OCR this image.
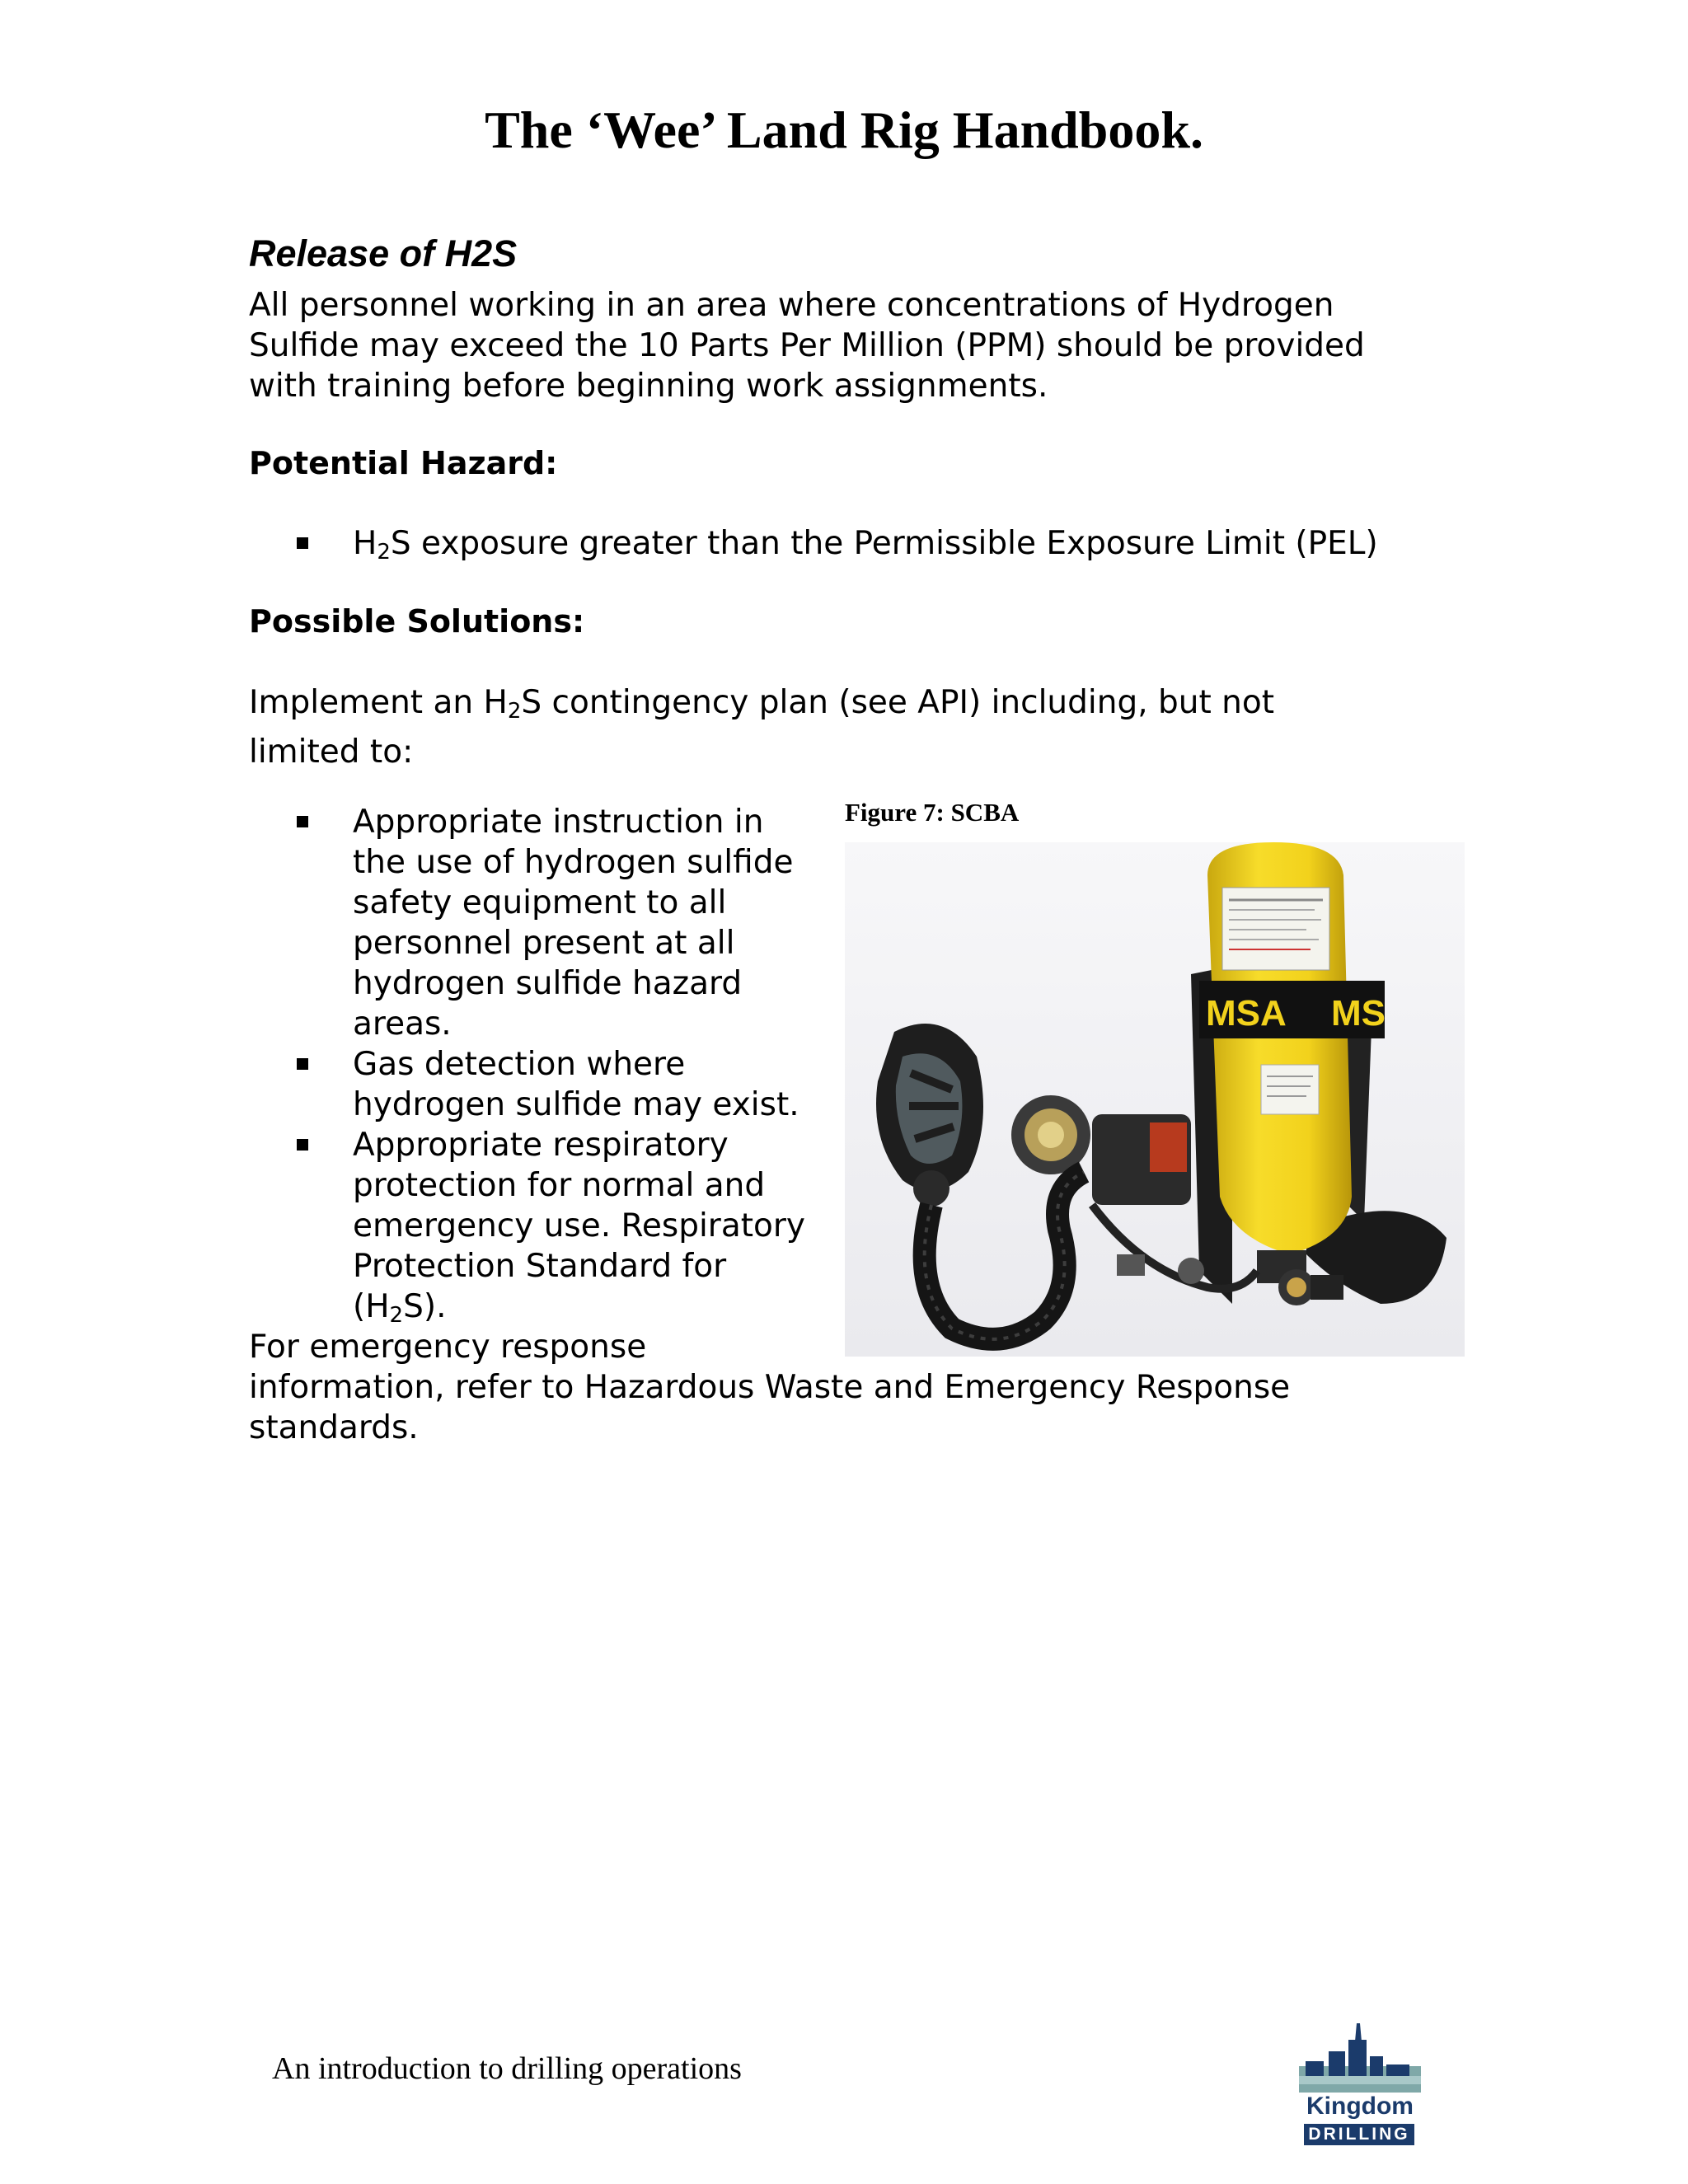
The ‘Wee’ Land Rig Handbook.
Release of H2S
All personnel working in an area where concentrations of Hydrogen
Sulfide may exceed the 10 Parts Per Million (PPM) should be provided
with training before beginning work assignments.
Potential Hazard:
$H_2S$ exposure greater than the Permissible Exposure Limit (PEL)
Possible Solutions:
Implement an $H_2S$ contingency plan (see API) including, but not
limited to:
Appropriate instruction in
the use of hydrogen sulfide
safety equipment to all
personnel present at all
hydrogen sulfide hazard
areas.
Gas detection where
hydrogen sulfide may exist.
Appropriate respiratory
protection for normal and
emergency use. Respiratory
Protection Standard for
$(H_2S)$.
For emergency response
information, refer to Hazardous Waste and Emergency Response
standards.
Figure 7: SCBA
MSA MS
An introduction to drilling operations
Kingdom
DRILLING
